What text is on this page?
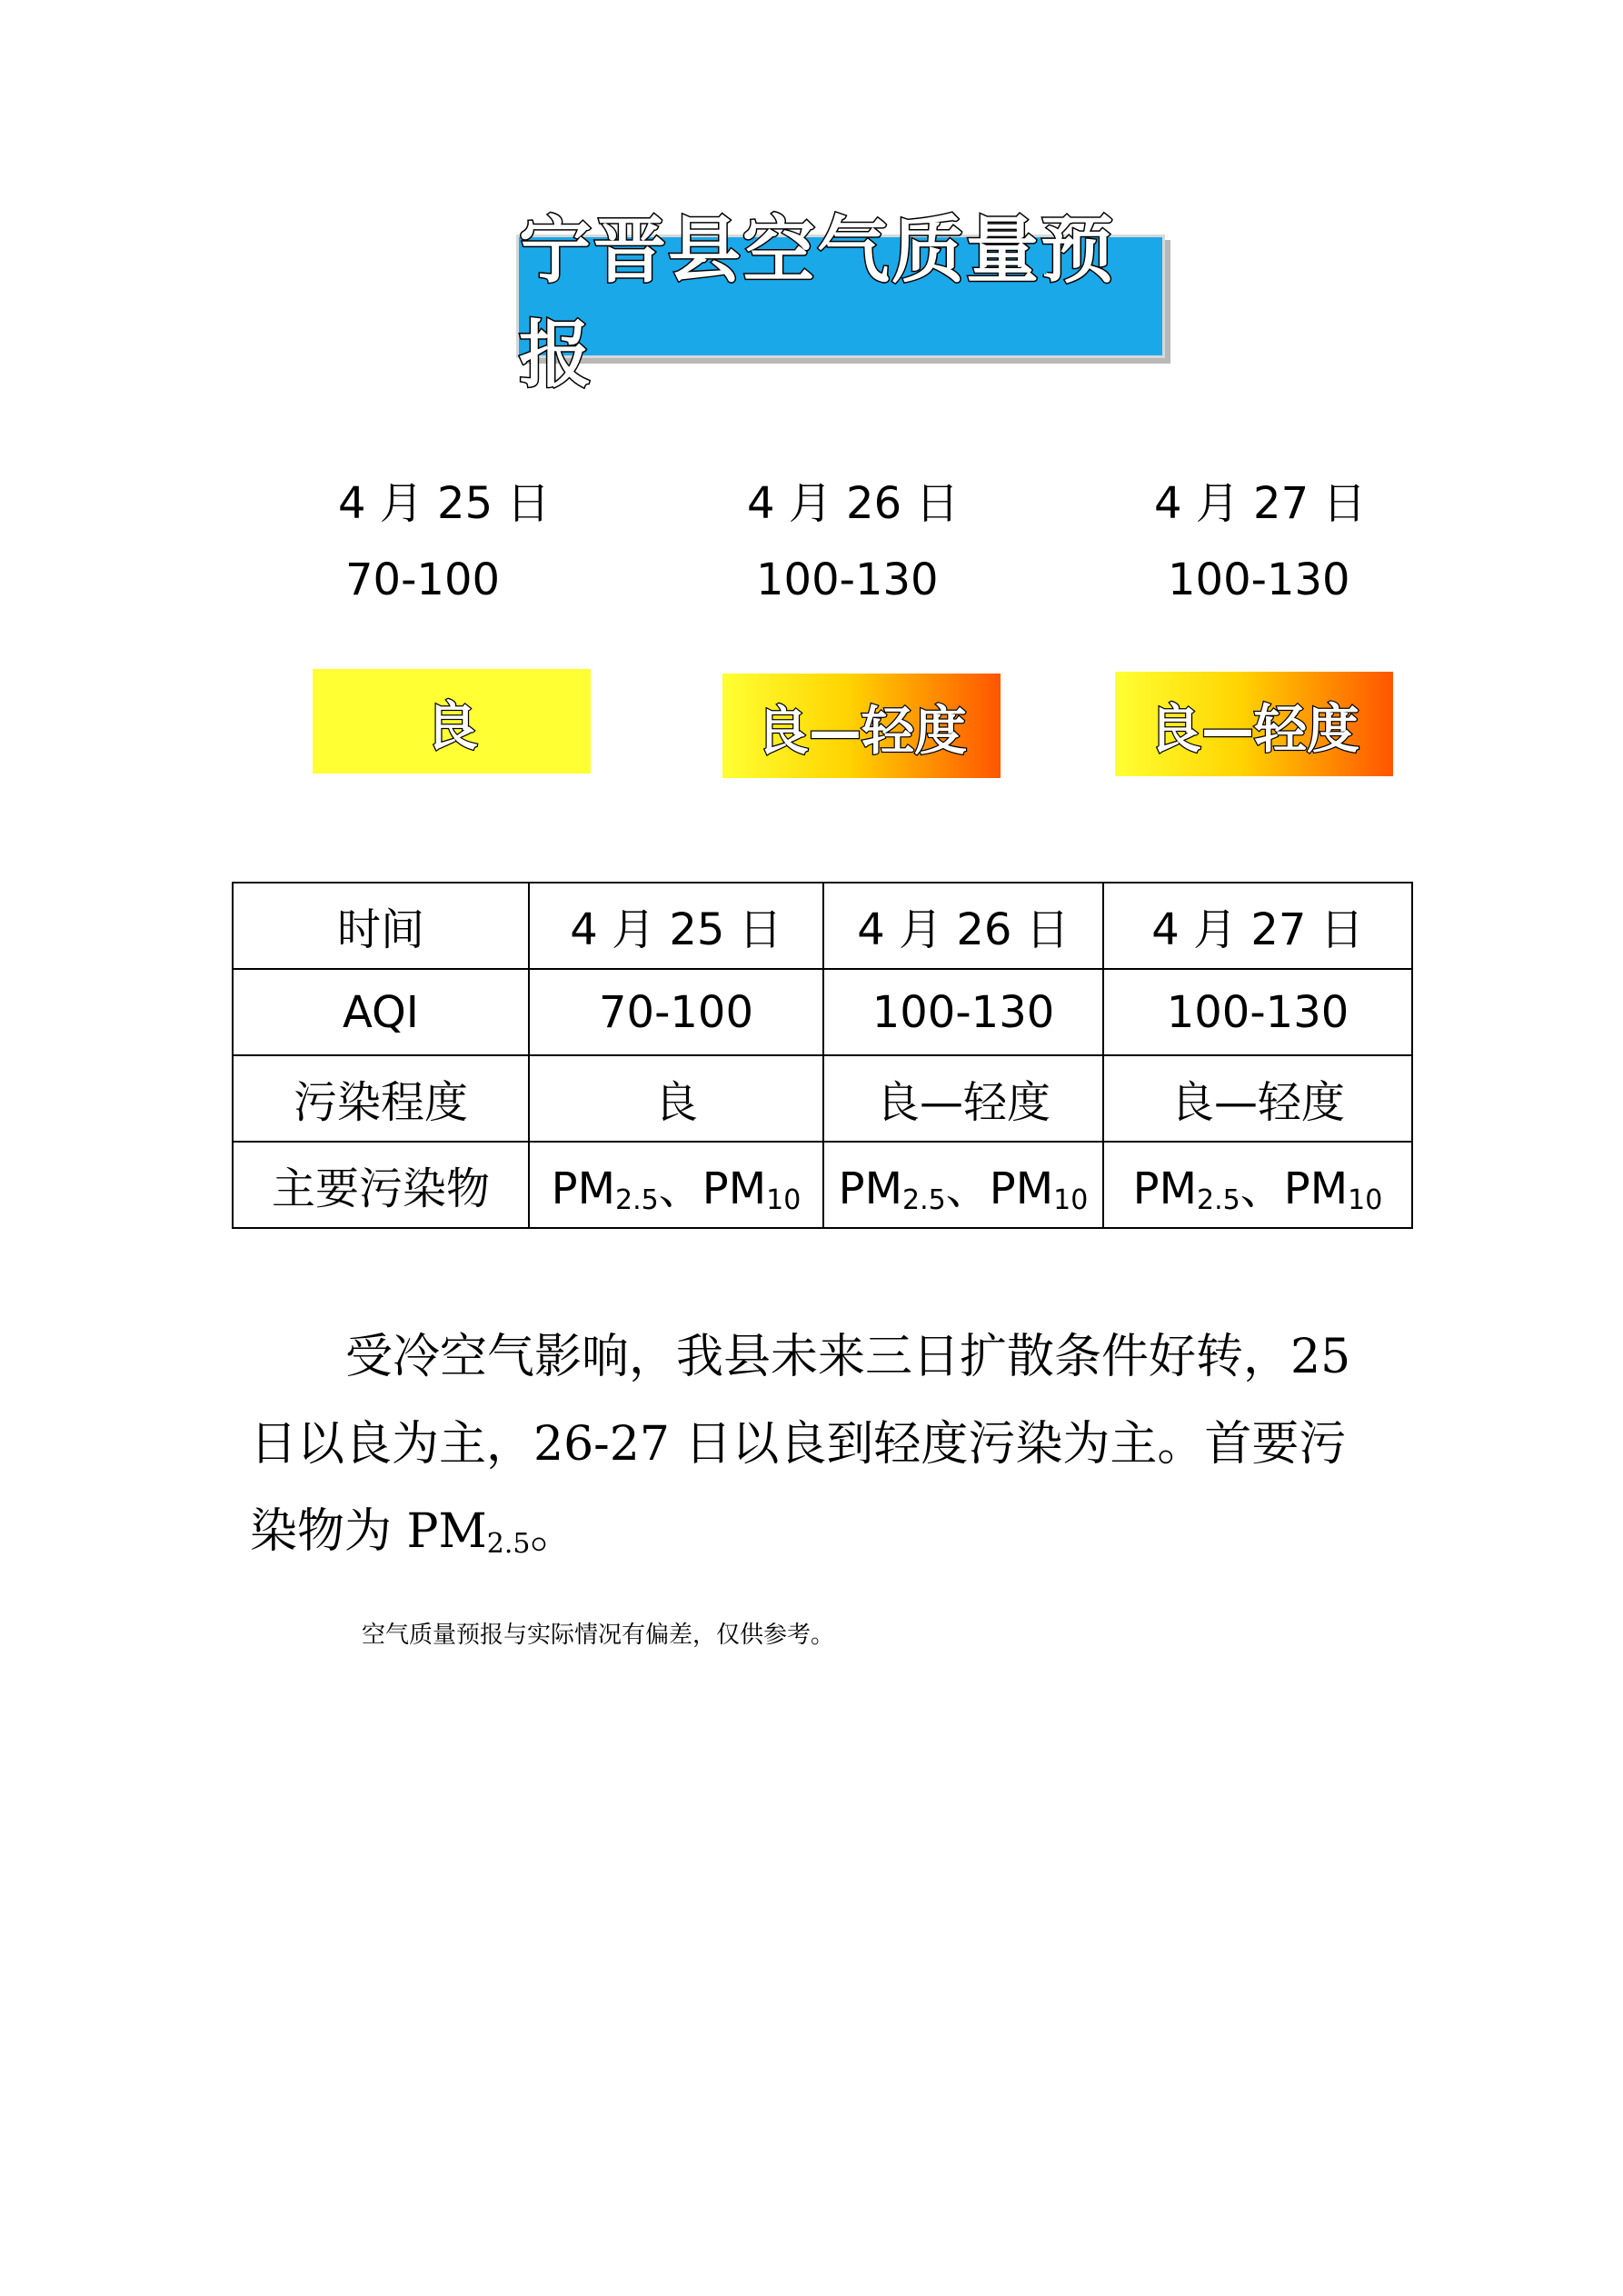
宁晋县空气质量预报
4 月 25 日	4 月 26 日	4 月 27 日
70-100	100-130	100-130
良	良—轻度	良—轻度
时间	4 月 25 日	4 月 26 日	4 月 27 日
AQI	70-100	100-130	100-130
污染程度	良	良—轻度	良—轻度
主要污染物	$PM_{2.5}$、$PM_{10}$	$PM_{2.5}$、$PM_{10}$	$PM_{2.5}$、$PM_{10}$
受冷空气影响，我县未来三日扩散条件好转，25
日以良为主，26-27 日以良到轻度污染为主。首要污
染物为 $PM_{2.5}$。
空气质量预报与实际情况有偏差，仅供参考。
